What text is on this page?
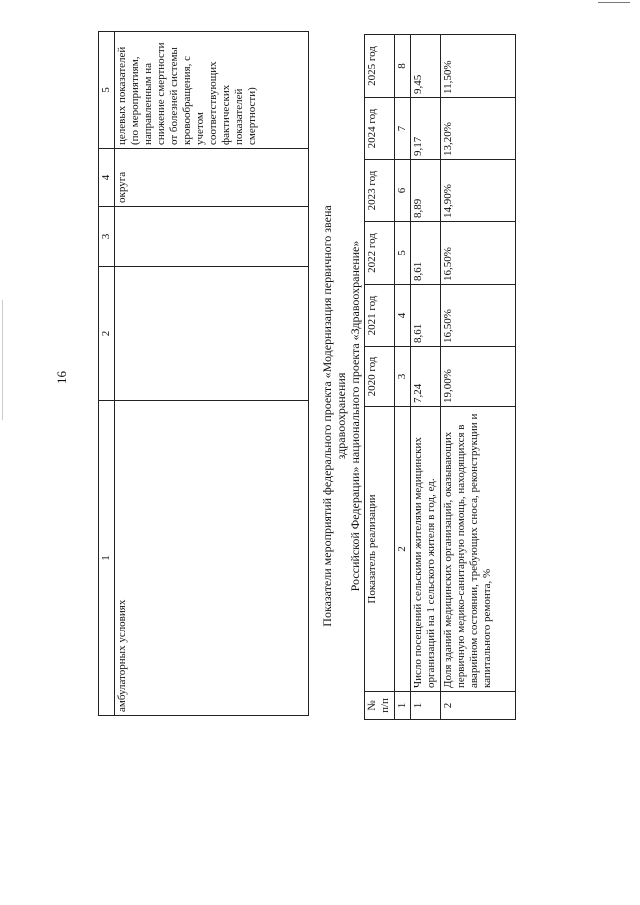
16
1	2	3	4	5
амбулаторных условиях			округа	целевых показателей (по мероприятиям, направленным на снижение смертности от болезней системы кровообращения, с учетом соответствующих фактических показателей смертности)
Показатели мероприятий федерального проекта «Модернизация первичного звена здравоохранения Российской Федерации» национального проекта «Здравоохранение»
№ п/п	Показатель реализации	2020 год	2021 год	2022 год	2023 год	2024 год	2025 год
1	2	3	4	5	6	7	8
1	Число посещений сельскими жителями медицинских организаций на 1 сельского жителя в год, ед.	7,24	8,61	8,61	8,89	9,17	9,45
2	Доля зданий медицинских организаций, оказывающих первичную медико-санитарную помощь, находящихся в аварийном состоянии, требующих сноса, реконструкции и капитального ремонта, %	19,00%	16,50%	16,50%	14,90%	13,20%	11,50%
